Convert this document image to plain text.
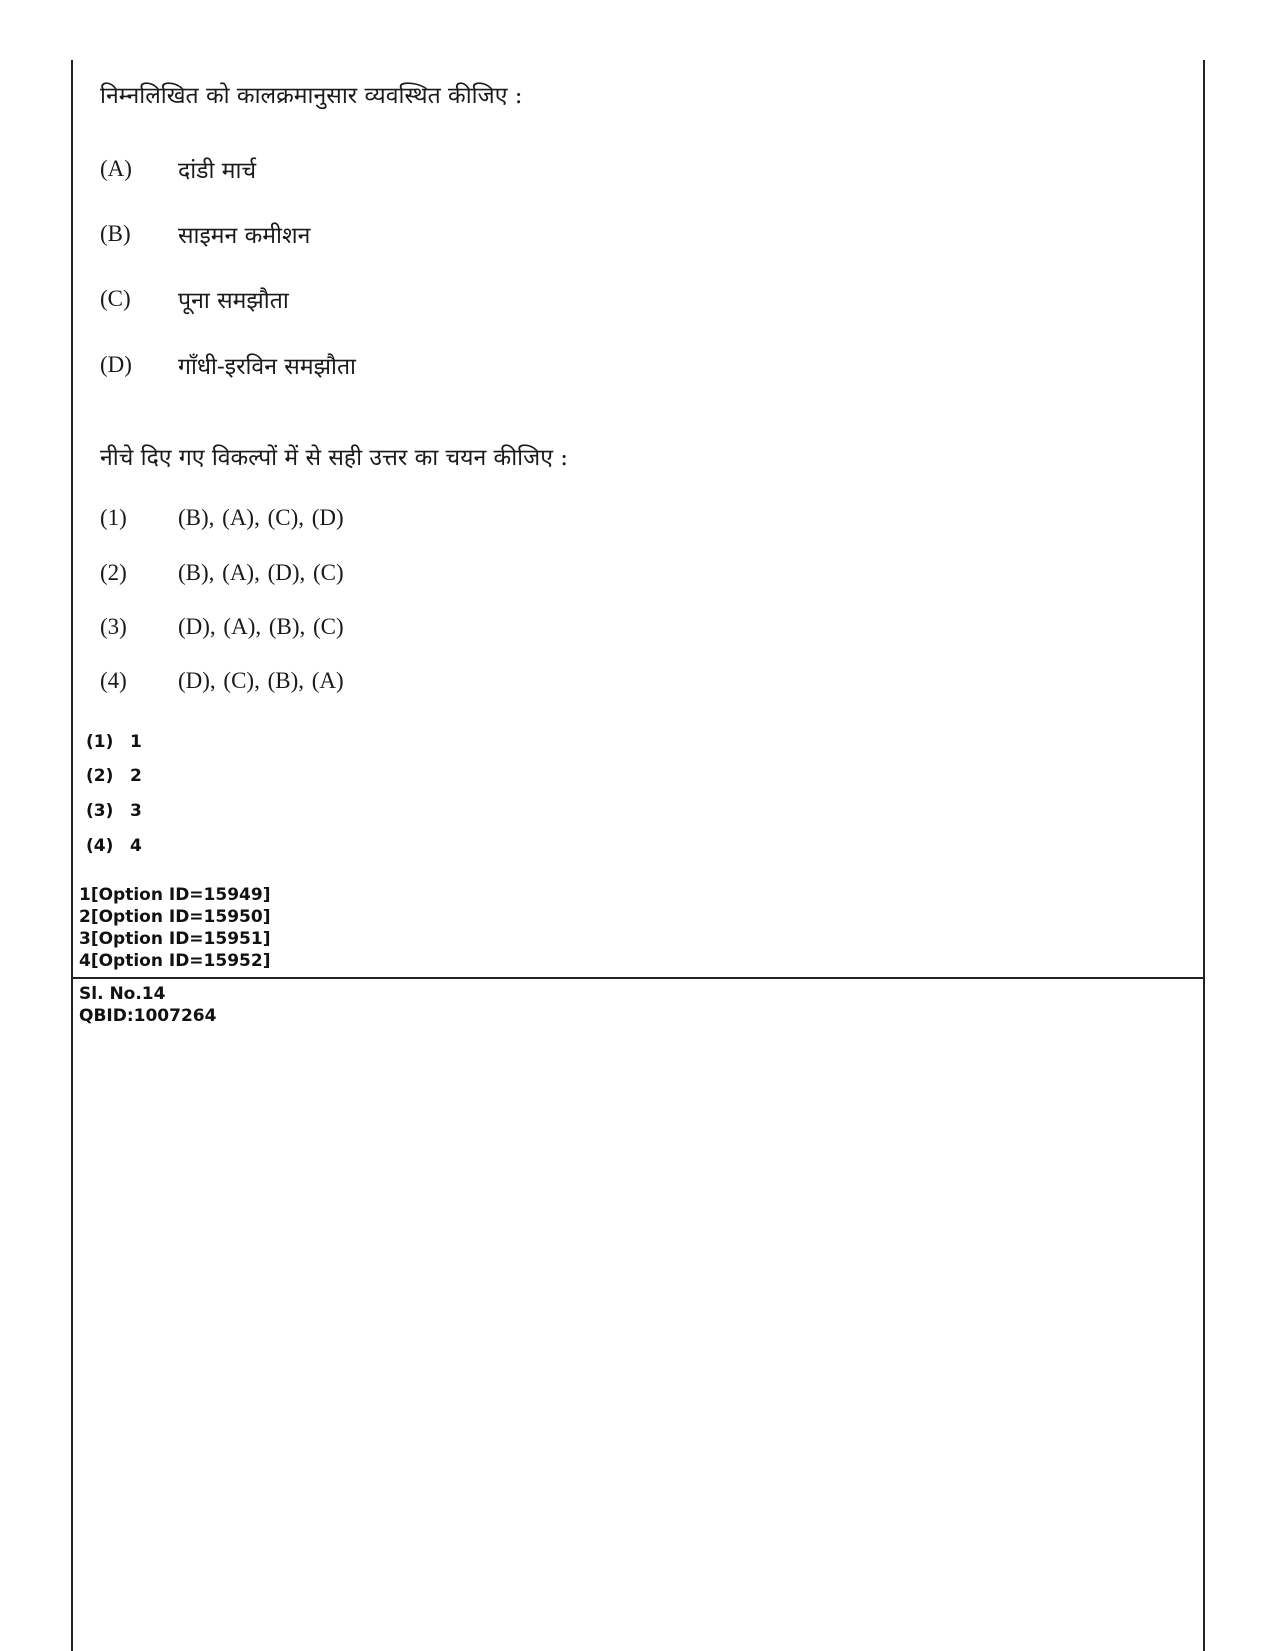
निम्नलिखित को कालक्रमानुसार व्यवस्थित कीजिए :
(A) दांडी मार्च
(B) साइमन कमीशन
(C) पूना समझौता
(D) गाँधी-इरविन समझौता
नीचे दिए गए विकल्पों में से सही उत्तर का चयन कीजिए :
(1) (B), (A), (C), (D)
(2) (B), (A), (D), (C)
(3) (D), (A), (B), (C)
(4) (D), (C), (B), (A)
(1) 1
(2) 2
(3) 3
(4) 4
1[Option ID=15949]
2[Option ID=15950]
3[Option ID=15951]
4[Option ID=15952]
Sl. No.14
QBID:1007264
